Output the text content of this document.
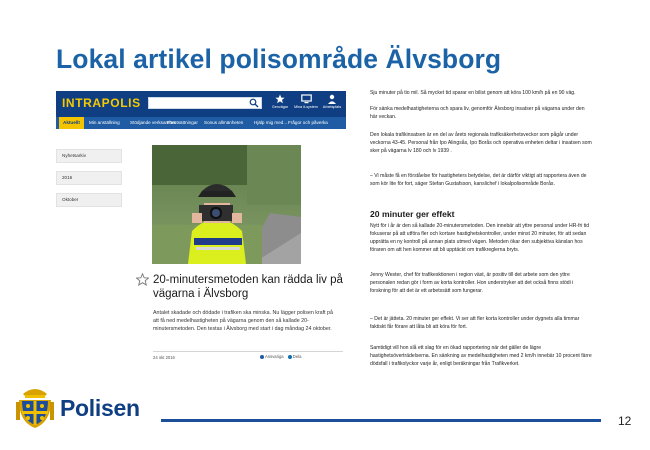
Lokal artikel polisområde Älvsborg
INTRAPOLIS	Genvägar	Mina it-system	Arbetsplats
Aktuellt	Min anställning Stödjande verksamhet
Förutsättningar Sonus allmänheten Hjälp mig med... Frågor och påverka
Nyhetsarkiv
2016
Oktober
20-minutersmetoden kan rädda liv på vägarna i Älvsborg
Antalet skadade och dödade i trafiken ska minska. Nu lägger polisen kraft på att få ned medelhastigheten på vägarna genom den så kallade 20-minutersmetoden. Den testas i Älvsborg med start i dag måndag 24 oktober.
24 okt 2016	Ansvariga Dela

Sju minuter på tio mil. Så mycket tid sparar en bilist genom att köra 100 km/h på en 90 väg.

För sänka medelhastigheterna och spara liv, genomför Älvsborg insatser på vägarna under den här veckan.

Den lokala trafikinsatsen är en del av årets regionala trafiksäkerhetsveckor som pågår under veckorna 43-45. Personal från Ipo Alingsås, Ipo Borås och operativa enheten deltar i insatsen som sker på vägarna lv 180 och lv 1939 .

– Vi måste få en förståelse för hastigheters betydelse, det är därför viktigt att rapportera även de som kör lite för fort, säger Stefan Gustafsson, kanslichef i lokalpolisområde Borås.

20 minuter ger effekt

Nytt för i år är den så kallade 20-minutersmetoden. Den innebär att yttre personal under HR-fri tid fokuserar på att utföra fler och kortare hastighetskontroller, under minst 20 minuter, för att sedan upprätta en ny kontroll på annan plats utmed vägen. Metoden ökar den subjektiva känslan hos föraren om att hen kommer att bli upptäckt om trafikreglerna bryts.

Jenny Wester, chef för trafikesktionen i region väst, är positiv till det arbete som den yttre personalen redan gör i form av korta kontroller. Hon understryker att det också finns stödi i forskning för att det är ett arbetssätt som fungerar.

– Det är jätteta. 20 minuter ger effekt. Vi ser att fler korta kontroller under dygnets alla timmar faktiskt får förare att låta bli att köra för fort.

Samtidigt vill hon slå ett slag för en ökad rapportering när det gäller de lägre hastighetsöverträdelserna. En sänkning av medelhastigheten med 2 km/h innebär 10 procent färre dödsfall i trafikolyckor varje år, enligt beräkningar från Trafikverket.

Polisen	12
